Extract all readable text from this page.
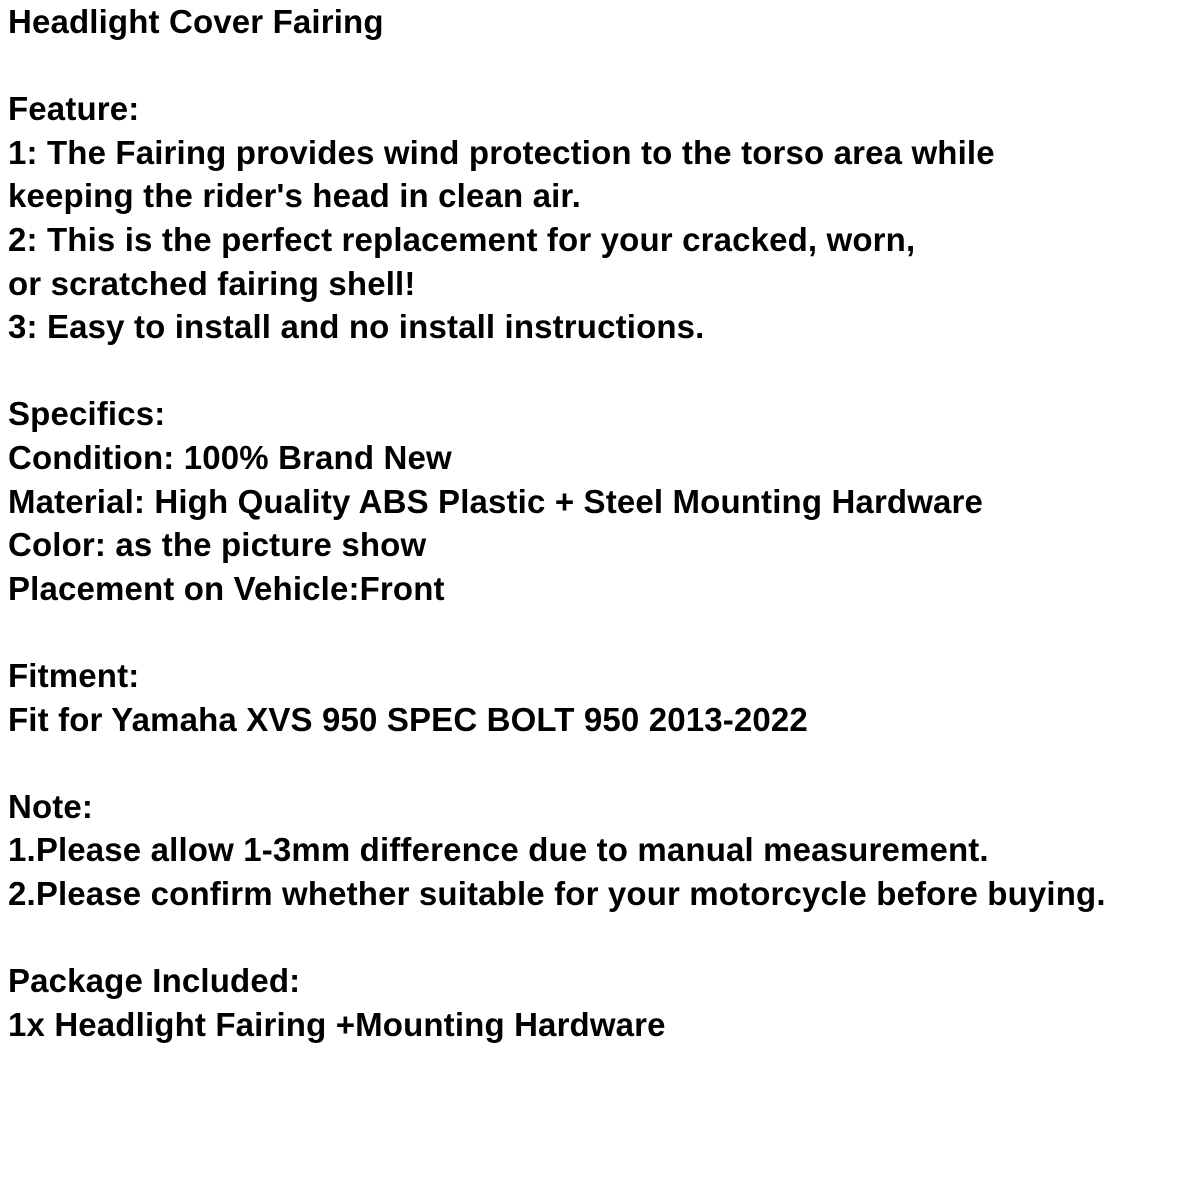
Headlight Cover Fairing
Feature:
1: The Fairing provides wind protection to the torso area while
keeping the rider's head in clean air.
2: This is the perfect replacement for your cracked, worn,
or scratched fairing shell!
3: Easy to install and no install instructions.
Specifics:
Condition: 100% Brand New
Material: High Quality ABS Plastic + Steel Mounting Hardware
Color: as the picture show
Placement on Vehicle:Front
Fitment:
Fit for Yamaha XVS 950 SPEC BOLT 950 2013-2022
Note:
1.Please allow 1-3mm difference due to manual measurement.
2.Please confirm whether suitable for your motorcycle before buying.
Package Included:
1x Headlight Fairing +Mounting Hardware
